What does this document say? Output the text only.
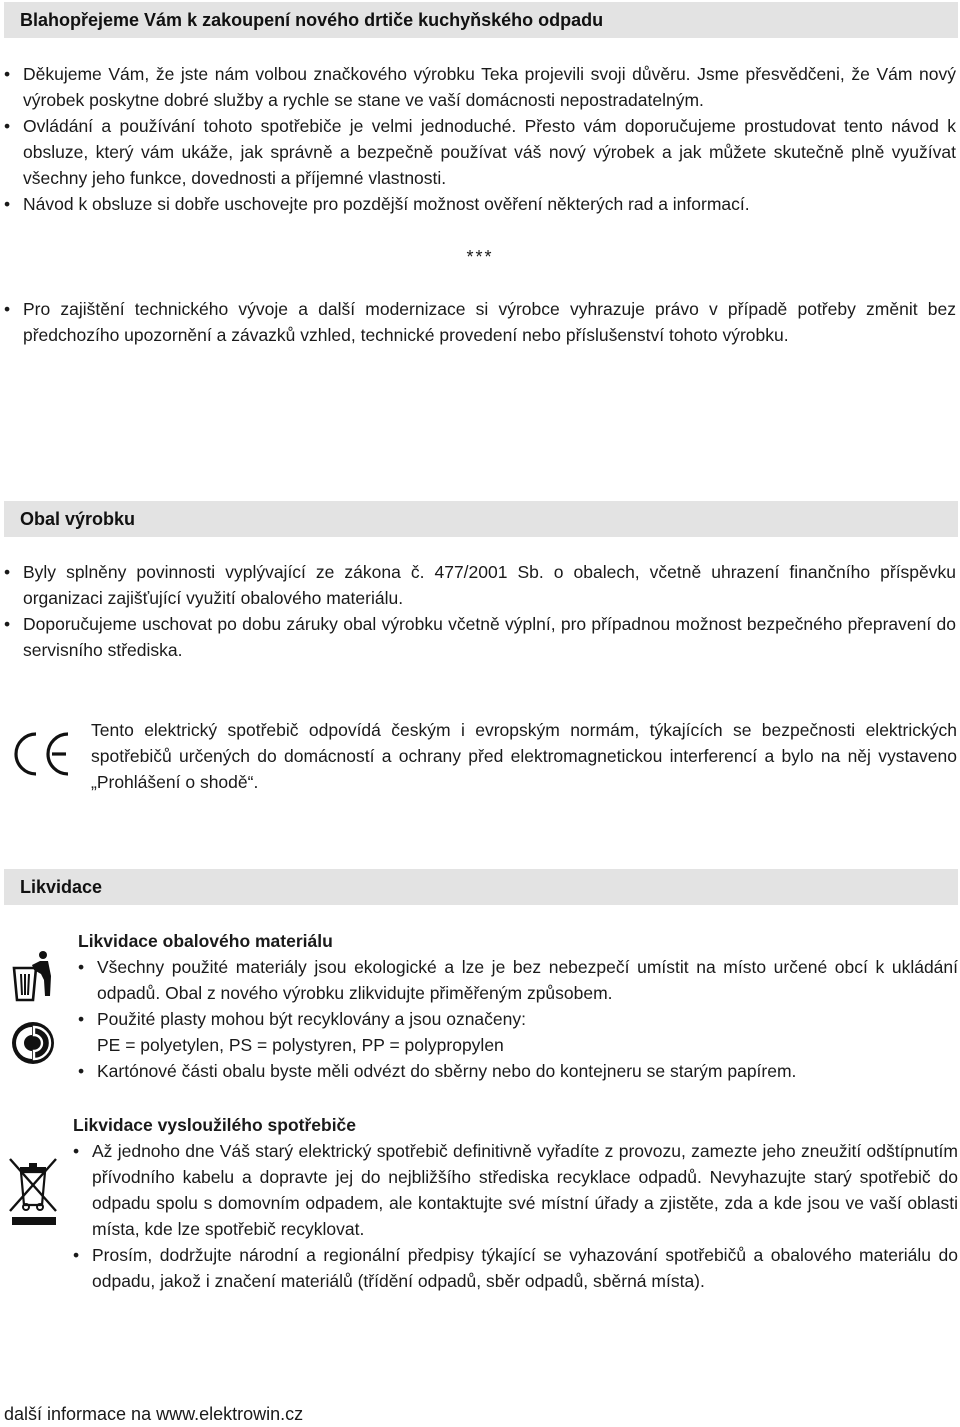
Blahopřejeme Vám k zakoupení nového drtiče kuchyňského odpadu
• Děkujeme Vám, že jste nám volbou značkového výrobku Teka projevili svoji důvěru. Jsme přesvědčeni, že Vám nový výrobek poskytne dobré služby a rychle se stane ve vaší domácnosti nepostradatelným.
• Ovládání a používání tohoto spotřebiče je velmi jednoduché. Přesto vám doporučujeme prostudovat tento návod k obsluze, který vám ukáže, jak správně a bezpečně používat váš nový výrobek a jak můžete skutečně plně využívat všechny jeho funkce, dovednosti a příjemné vlastnosti.
• Návod k obsluze si dobře uschovejte pro pozdější možnost ověření některých rad a informací.
***
• Pro zajištění technického vývoje a další modernizace si výrobce vyhrazuje právo v případě potřeby změnit bez předchozího upozornění a závazků vzhled, technické provedení nebo příslušenství tohoto výrobku.
Obal výrobku
• Byly splněny povinnosti vyplývající ze zákona č. 477/2001 Sb. o obalech, včetně uhrazení finančního příspěvku organizaci zajišťující využití obalového materiálu.
• Doporučujeme uschovat po dobu záruky obal výrobku včetně výplní, pro případnou možnost bezpečného přepravení do servisního střediska.
Tento elektrický spotřebič odpovídá českým i evropským normám, týkajících se bezpečnosti elektrických spotřebičů určených do domácností a ochrany před elektromagnetickou interferencí a bylo na něj vystaveno „Prohlášení o shodě“.
Likvidace
Likvidace obalového materiálu
• Všechny použité materiály jsou ekologické a lze je bez nebezpečí umístit na místo určené obcí k ukládání odpadů. Obal z nového výrobku zlikvidujte přiměřeným způsobem.
• Použité plasty mohou být recyklovány a jsou označeny:
PE = polyetylen, PS = polystyren, PP = polypropylen
• Kartónové části obalu byste měli odvézt do sběrny nebo do kontejneru se starým papírem.
Likvidace vysloužilého spotřebiče
• Až jednoho dne Váš starý elektrický spotřebič definitivně vyřadíte z provozu, zamezte jeho zneužití odštípnutím přívodního kabelu a dopravte jej do nejbližšího střediska recyklace odpadů. Nevyhazujte starý spotřebič do odpadu spolu s domovním odpadem, ale kontaktujte své místní úřady a zjistěte, zda a kde jsou ve vaší oblasti místa, kde lze spotřebič recyklovat.
• Prosím, dodržujte národní a regionální předpisy týkající se vyhazování spotřebičů a obalového materiálu do odpadu, jakož i značení materiálů (třídění odpadů, sběr odpadů, sběrná místa).
další informace na www.elektrowin.cz
